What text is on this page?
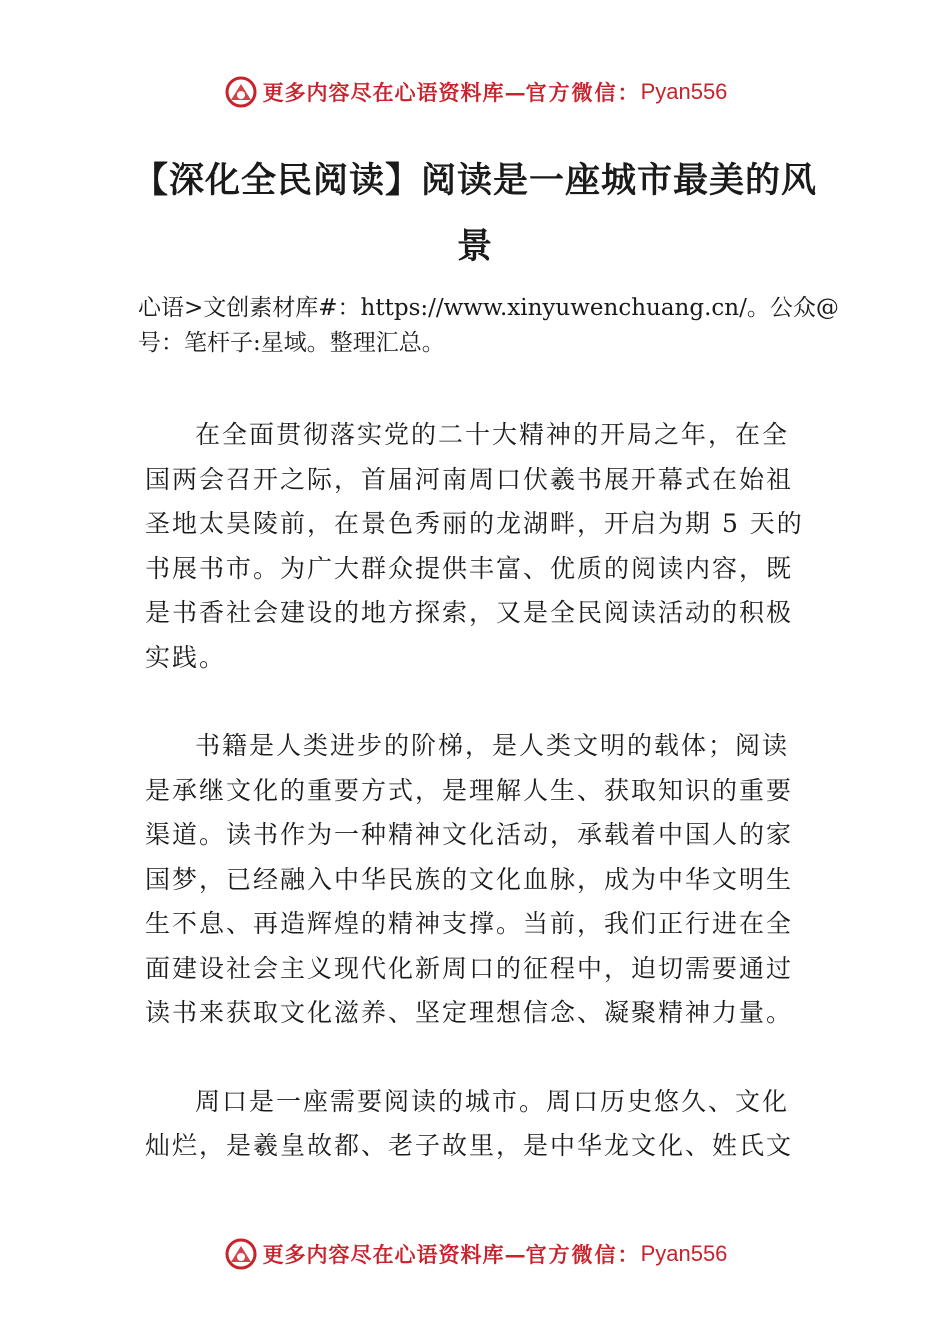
更多内容尽在心语资料库 — 官方微信： Pyan556
【深化全民阅读】阅读是一座城市最美的风景
心语>文创素材库#：https://www.xinyuwenchuang.cn/。公众@号：笔杆子:星域。整理汇总。

在全面贯彻落实党的二十大精神的开局之年，在全国两会召开之际，首届河南周口伏羲书展开幕式在始祖圣地太昊陵前，在景色秀丽的龙湖畔，开启为期 5 天的书展书市。为广大群众提供丰富、优质的阅读内容，既是书香社会建设的地方探索，又是全民阅读活动的积极实践。

书籍是人类进步的阶梯，是人类文明的载体；阅读是承继文化的重要方式，是理解人生、获取知识的重要渠道。读书作为一种精神文化活动，承载着中国人的家国梦，已经融入中华民族的文化血脉，成为中华文明生生不息、再造辉煌的精神支撑。当前，我们正行进在全面建设社会主义现代化新周口的征程中，迫切需要通过读书来获取文化滋养、坚定理想信念、凝聚精神力量。

周口是一座需要阅读的城市。周口历史悠久、文化灿烂，是羲皇故都、老子故里，是中华龙文化、姓氏文

更多内容尽在心语资料库 — 官方微信： Pyan556
